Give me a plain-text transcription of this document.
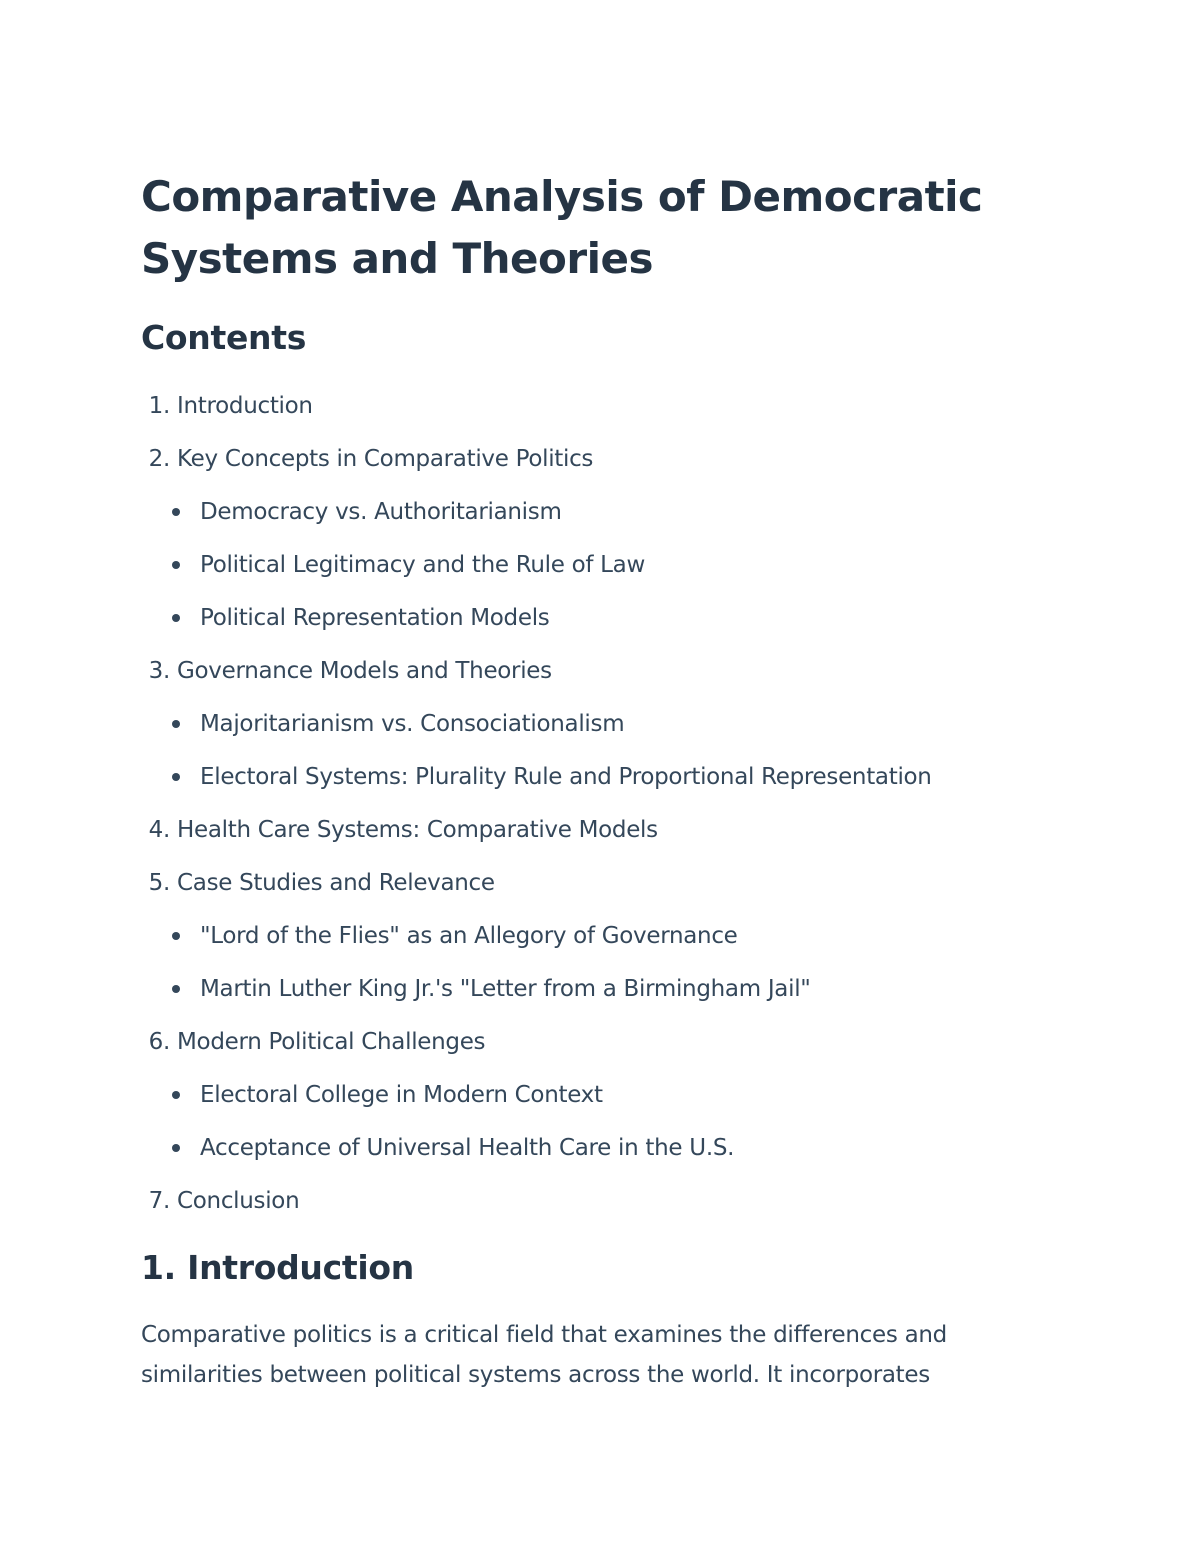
Comparative Analysis of Democratic Systems and Theories
Contents
1. Introduction
2. Key Concepts in Comparative Politics
Democracy vs. Authoritarianism
Political Legitimacy and the Rule of Law
Political Representation Models
3. Governance Models and Theories
Majoritarianism vs. Consociationalism
Electoral Systems: Plurality Rule and Proportional Representation
4. Health Care Systems: Comparative Models
5. Case Studies and Relevance
"Lord of the Flies" as an Allegory of Governance
Martin Luther King Jr.'s "Letter from a Birmingham Jail"
6. Modern Political Challenges
Electoral College in Modern Context
Acceptance of Universal Health Care in the U.S.
7. Conclusion
1. Introduction

Comparative politics is a critical field that examines the differences and similarities between political systems across the world. It incorporates
